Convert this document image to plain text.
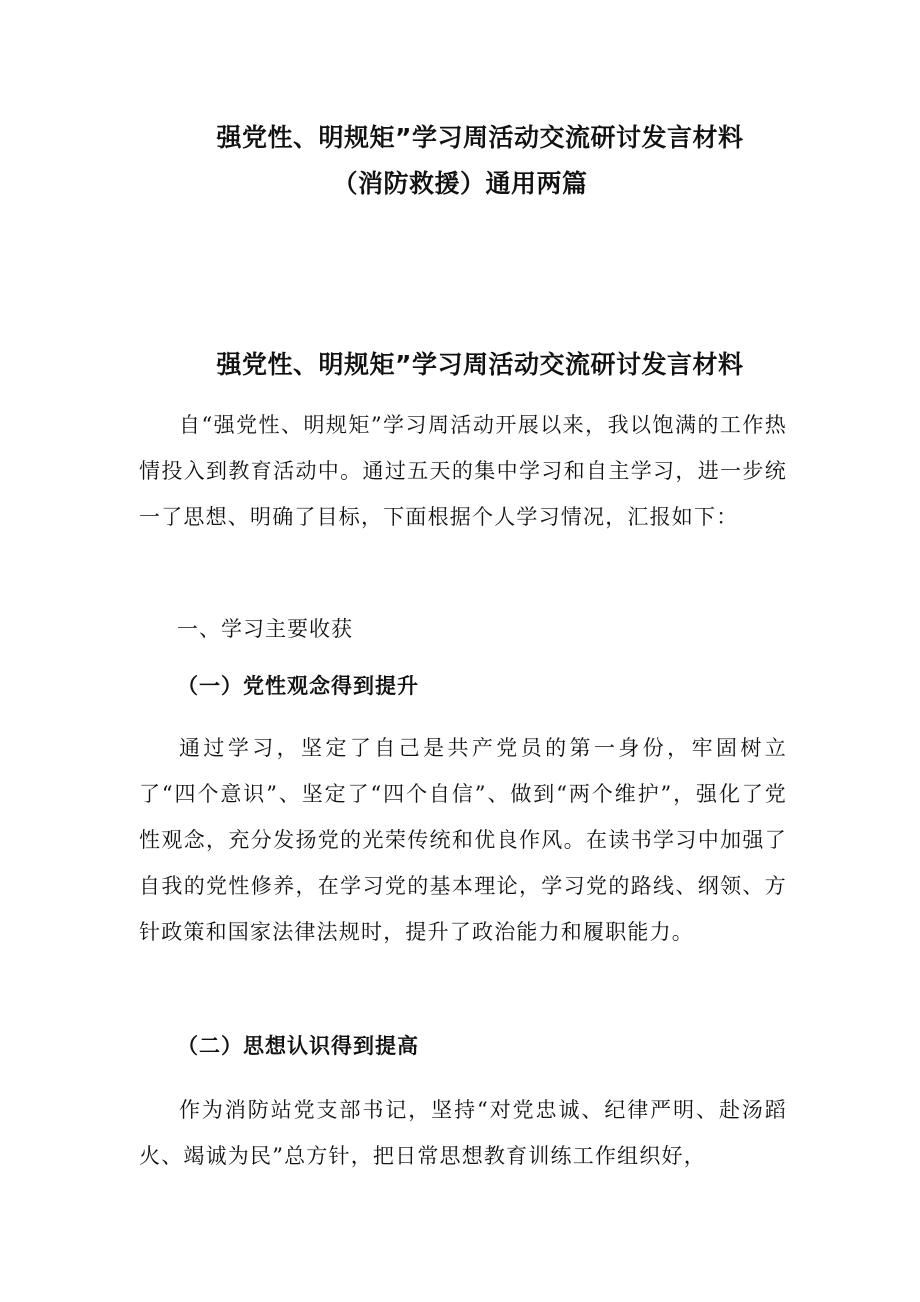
强党性、明规矩”学习周活动交流研讨发言材料
（消防救援）通用两篇
强党性、明规矩”学习周活动交流研讨发言材料

自“强党性、明规矩”学习周活动开展以来，我以饱满的工作热情投入到教育活动中。通过五天的集中学习和自主学习，进一步统一了思想、明确了目标，下面根据个人学习情况，汇报如下：

一、学习主要收获

（一）党性观念得到提升

通过学习，坚定了自己是共产党员的第一身份，牢固树立了“四个意识”、坚定了“四个自信”、做到“两个维护”，强化了党性观念，充分发扬党的光荣传统和优良作风。在读书学习中加强了自我的党性修养，在学习党的基本理论，学习党的路线、纲领、方针政策和国家法律法规时，提升了政治能力和履职能力。

（二）思想认识得到提高

作为消防站党支部书记，坚持“对党忠诚、纪律严明、赴汤蹈火、竭诚为民”总方针，把日常思想教育训练工作组织好，
